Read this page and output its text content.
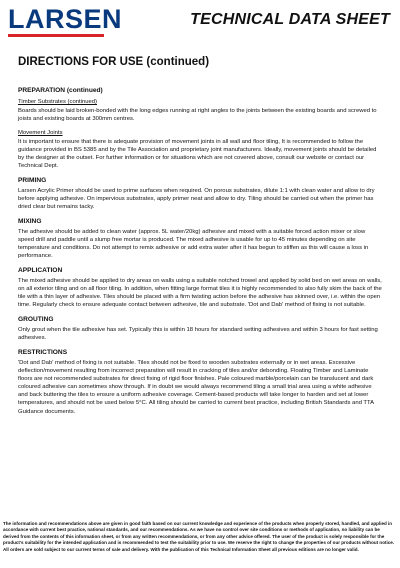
LARSEN	TECHNICAL DATA SHEET
DIRECTIONS FOR USE (continued)
PREPARATION (continued)
Timber Substrates (continued)

Boards should be laid broken-bonded with the long edges running at right angles to the joints between the existing boards and screwed to joists and existing boards at 300mm centres.

Movement Joints

It is important to ensure that there is adequate provision of movement joints in all wall and floor tiling, It is recommended to follow the guidance provided in BS 5385 and by the Tile Association and proprietary joint manufacturers. Ideally, movement joints should be detailed by the designer at the outset. For further information or for situations which are not covered above, consult our website or contact our Technical Dept.

PRIMING

Larsen Acrylic Primer should be used to prime surfaces when required. On porous substrates, dilute 1:1 with clean water and allow to dry before applying adhesive. On impervious substrates, apply primer neat and allow to dry. Tiling should be carried out when the primer has dried clear but remains tacky.

MIXING

The adhesive should be added to clean water (approx. 5L water/20kg) adhesive and mixed with a suitable forced action mixer or slow speed drill and paddle until a slump free mortar is produced. The mixed adhesive is usable for up to 45 minutes depending on site temperature and conditions. Do not attempt to remix adhesive or add extra water after it has begun to stiffen as this will cause a loss in performance.

APPLICATION

The mixed adhesive should be applied to dry areas on walls using a suitable notched trowel and applied by solid bed on wet areas on walls, on all exterior tiling and on all floor tiling. In addition, when fitting large format tiles it is highly recommended to also fully skim the back of the tile with a thin layer of adhesive. Tiles should be placed with a firm twisting action before the adhesive has skinned over, i.e. within the open time. Regularly check to ensure adequate contact between adhesive, tile and substrate. 'Dot and Dab' method of fixing is not suitable.

GROUTING

Only grout when the tile adhesive has set. Typically this is within 18 hours for standard setting adhesives and within 3 hours for fast setting adhesives.

RESTRICTIONS

'Dot and Dab' method of fixing is not suitable. Tiles should not be fixed to wooden substrates externally or in wet areas. Excessive deflection/movement resulting from incorrect preparation will result in cracking of tiles and/or debonding. Floating Timber and Laminate floors are not recommended substrates for direct fixing of rigid floor finishes. Pale coloured marble/porcelain can be translucent and dark coloured adhesive can sometimes show through. If in doubt we would always recommend tiling a small trial area using a white adhesive and back buttering the tiles to ensure a uniform adhesive coverage. Cement-based products will take longer to harden and set at lower temperatures, and should not be used below 5°C. All tiling should be carried to current best practice, including British Standards and TTA Guidance documents.

The information and recommendations above are given in good faith based on our current knowledge and experience of the products when properly stored, handled, and applied in accordance with current best practice, national standards, and our recommendations. As we have no control over site conditions or methods of application, no liability can be derived from the contents of this information sheet, or from any written recommendations, or from any other advice offered. The user of the product is solely responsible for the product's suitability for the intended application and is recommended to test the suitability prior to use. We reserve the right to change the properties of our products without notice. All orders are sold subject to our current terms of sale and delivery. With the publication of this Technical Information Sheet all previous editions are no longer valid.
